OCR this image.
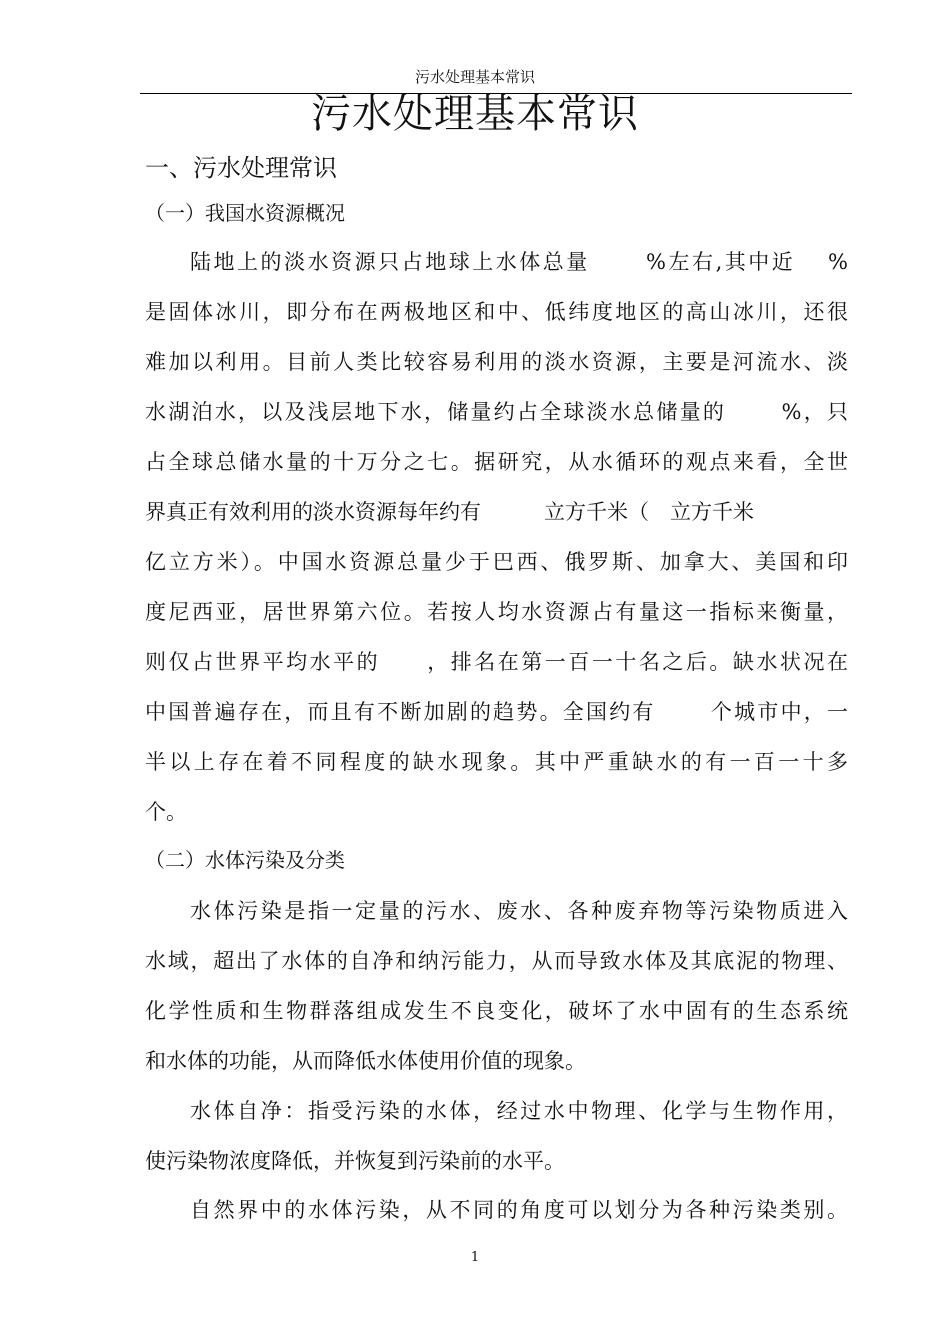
污水处理基本常识
污水处理基本常识
一、污水处理常识
（一）我国水资源概况
陆地上的淡水资源只占地球上水体总量　　 %左右,其中近　 %
是固体冰川，即分布在两极地区和中、低纬度地区的高山冰川，还很
难加以利用。目前人类比较容易利用的淡水资源，主要是河流水、淡
水湖泊水，以及浅层地下水，储量约占全球淡水总储量的　　 %，只
占全球总储水量的十万分之七。据研究，从水循环的观点来看，全世
界真正有效利用的淡水资源每年约有　　　立方千米（　立方千米
亿立方米）。中国水资源总量少于巴西、俄罗斯、加拿大、美国和印
度尼西亚，居世界第六位。若按人均水资源占有量这一指标来衡量，
则仅占世界平均水平的　　，排名在第一百一十名之后。缺水状况在
中国普遍存在，而且有不断加剧的趋势。全国约有　　 个城市中，一
半以上存在着不同程度的缺水现象。其中严重缺水的有一百一十多
个。
（二）水体污染及分类
水体污染是指一定量的污水、废水、各种废弃物等污染物质进入
水域，超出了水体的自净和纳污能力，从而导致水体及其底泥的物理、
化学性质和生物群落组成发生不良变化，破坏了水中固有的生态系统
和水体的功能，从而降低水体使用价值的现象。
水体自净：指受污染的水体，经过水中物理、化学与生物作用，
使污染物浓度降低，并恢复到污染前的水平。
自然界中的水体污染，从不同的角度可以划分为各种污染类别。
1
